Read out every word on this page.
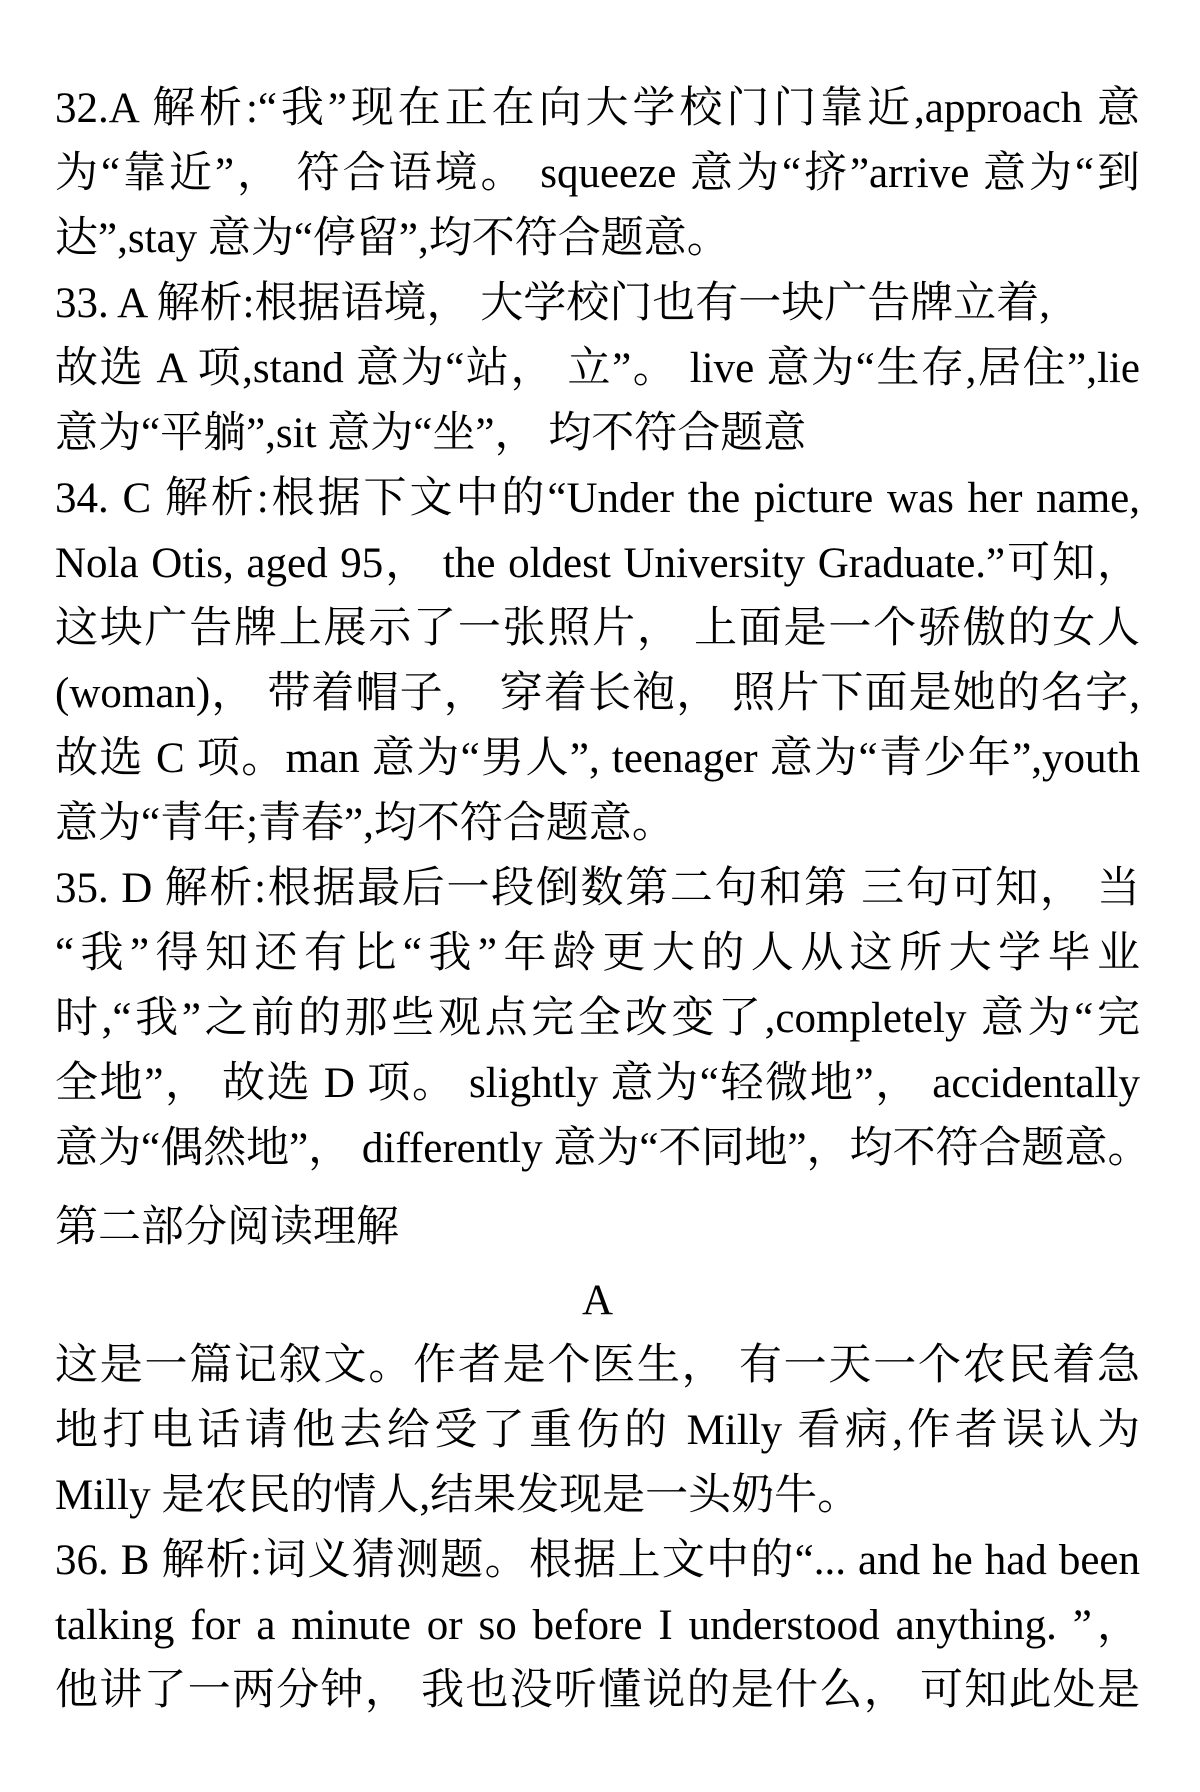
32.A 解析:“我”现在正在向大学校门门靠近,approach 意
为“靠近”， 符合语境。 squeeze 意为“挤”arrive 意为“到
达”,stay 意为“停留”,均不符合题意。
33. A 解析:根据语境， 大学校门也有一块广告牌立着,
故选 A 项,stand 意为“站， 立”。 live 意为“生存,居住”,lie
意为“平躺”,sit 意为“坐”， 均不符合题意
34. C 解析:根据下文中的“Under the picture was her name,
Nola Otis, aged 95， the oldest University Graduate.”可知，
这块广告牌上展示了一张照片， 上面是一个骄傲的女人
(woman)， 带着帽子， 穿着长袍， 照片下面是她的名字,
故选 C 项。man 意为“男人”, teenager 意为“青少年”,youth
意为“青年;青春”,均不符合题意。
35. D 解析:根据最后一段倒数第二句和第 三句可知， 当
“我”得知还有比“我”年龄更大的人从这所大学毕业
时,“我”之前的那些观点完全改变了,completely 意为“完
全地”， 故选 D 项。 slightly 意为“轻微地”， accidentally
意为“偶然地”， differently 意为“不同地”，均不符合题意。
第二部分阅读理解
A
这是一篇记叙文。作者是个医生， 有一天一个农民着急
地打电话请他去给受了重伤的 Milly 看病,作者误认为
Milly 是农民的情人,结果发现是一头奶牛。
36. B 解析:词义猜测题。根据上文中的“... and he had been
talking for a minute or so before I understood anything. ”，
他讲了一两分钟， 我也没听懂说的是什么， 可知此处是
